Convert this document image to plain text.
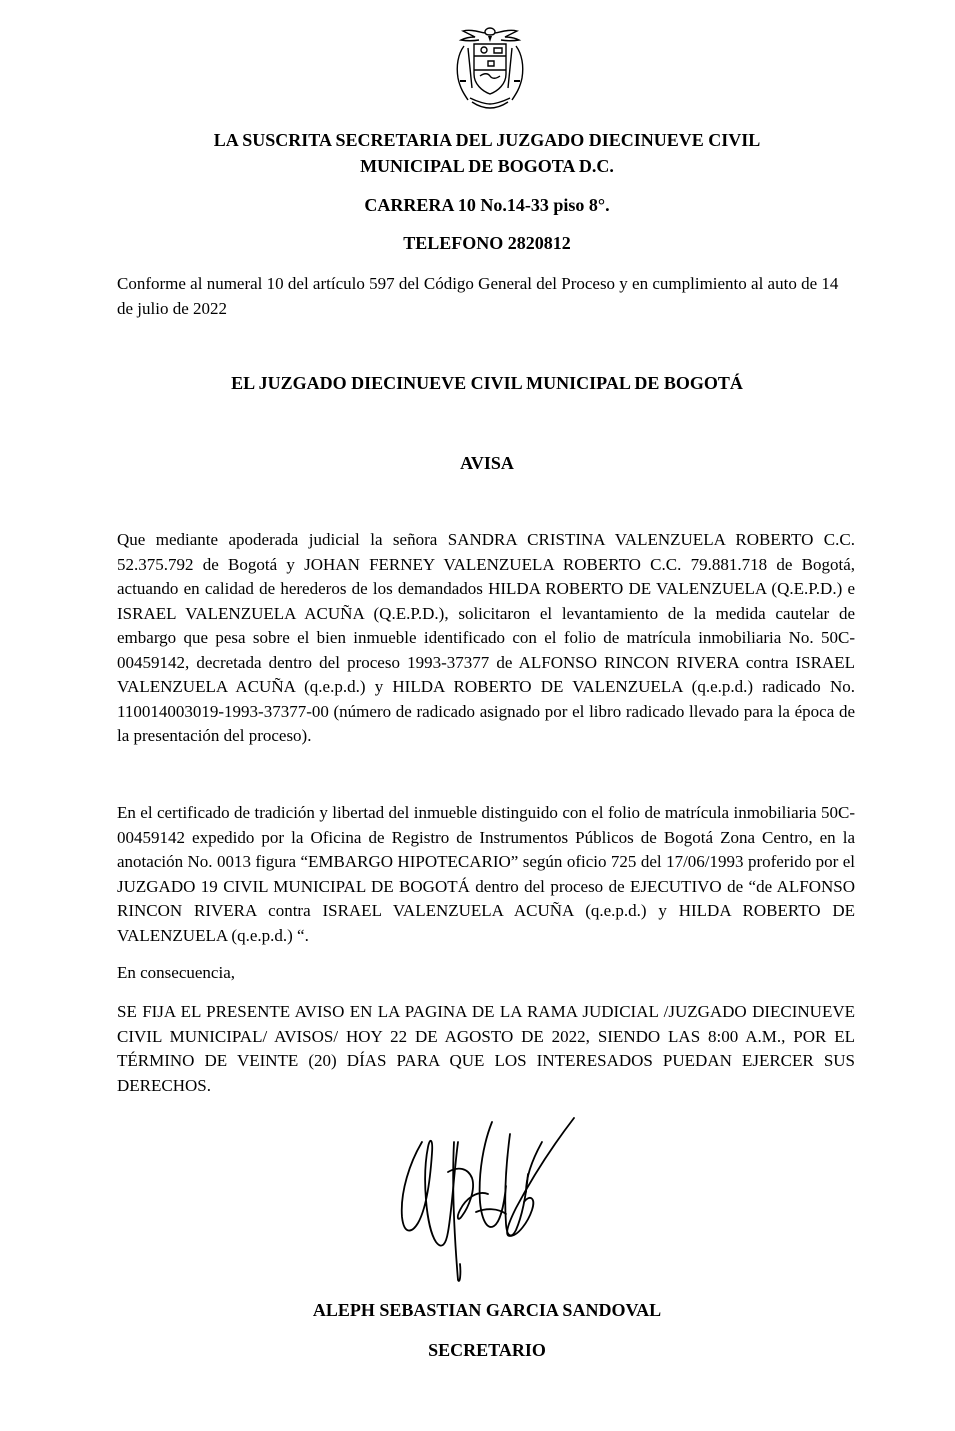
LA SUSCRITA SECRETARIA DEL JUZGADO DIECINUEVE CIVIL
MUNICIPAL DE BOGOTA D.C.
CARRERA 10 No.14-33 piso 8°.
TELEFONO 2820812
Conforme al numeral 10 del artículo 597 del Código General del Proceso y en cumplimiento al auto de 14 de julio de 2022
EL JUZGADO DIECINUEVE CIVIL MUNICIPAL DE BOGOTÁ
AVISA
Que mediante apoderada judicial la señora SANDRA CRISTINA VALENZUELA ROBERTO C.C. 52.375.792 de Bogotá y JOHAN FERNEY VALENZUELA ROBERTO C.C. 79.881.718 de Bogotá, actuando en calidad de herederos de los demandados HILDA ROBERTO DE VALENZUELA (Q.E.P.D.) e ISRAEL VALENZUELA ACUÑA (Q.E.P.D.), solicitaron el levantamiento de la medida cautelar de embargo que pesa sobre el bien inmueble identificado con el folio de matrícula inmobiliaria No. 50C-00459142, decretada dentro del proceso 1993-37377 de ALFONSO RINCON RIVERA contra ISRAEL VALENZUELA ACUÑA (q.e.p.d.) y HILDA ROBERTO DE VALENZUELA (q.e.p.d.) radicado No. 110014003019-1993-37377-00 (número de radicado asignado por el libro radicado llevado para la época de la presentación del proceso).
En el certificado de tradición y libertad del inmueble distinguido con el folio de matrícula inmobiliaria 50C-00459142 expedido por la Oficina de Registro de Instrumentos Públicos de Bogotá Zona Centro, en la anotación No. 0013 figura “EMBARGO HIPOTECARIO” según oficio 725 del 17/06/1993 proferido por el JUZGADO 19 CIVIL MUNICIPAL DE BOGOTÁ dentro del proceso de EJECUTIVO de “de ALFONSO RINCON RIVERA contra ISRAEL VALENZUELA ACUÑA (q.e.p.d.) y HILDA ROBERTO DE VALENZUELA (q.e.p.d.) “.
En consecuencia,
SE FIJA EL PRESENTE AVISO EN LA PAGINA DE LA RAMA JUDICIAL /JUZGADO DIECINUEVE CIVIL MUNICIPAL/ AVISOS/ HOY 22 DE AGOSTO DE 2022, SIENDO LAS 8:00 A.M., POR EL TÉRMINO DE VEINTE (20) DÍAS PARA QUE LOS INTERESADOS PUEDAN EJERCER SUS DERECHOS.
ALEPH SEBASTIAN GARCIA SANDOVAL
SECRETARIO
